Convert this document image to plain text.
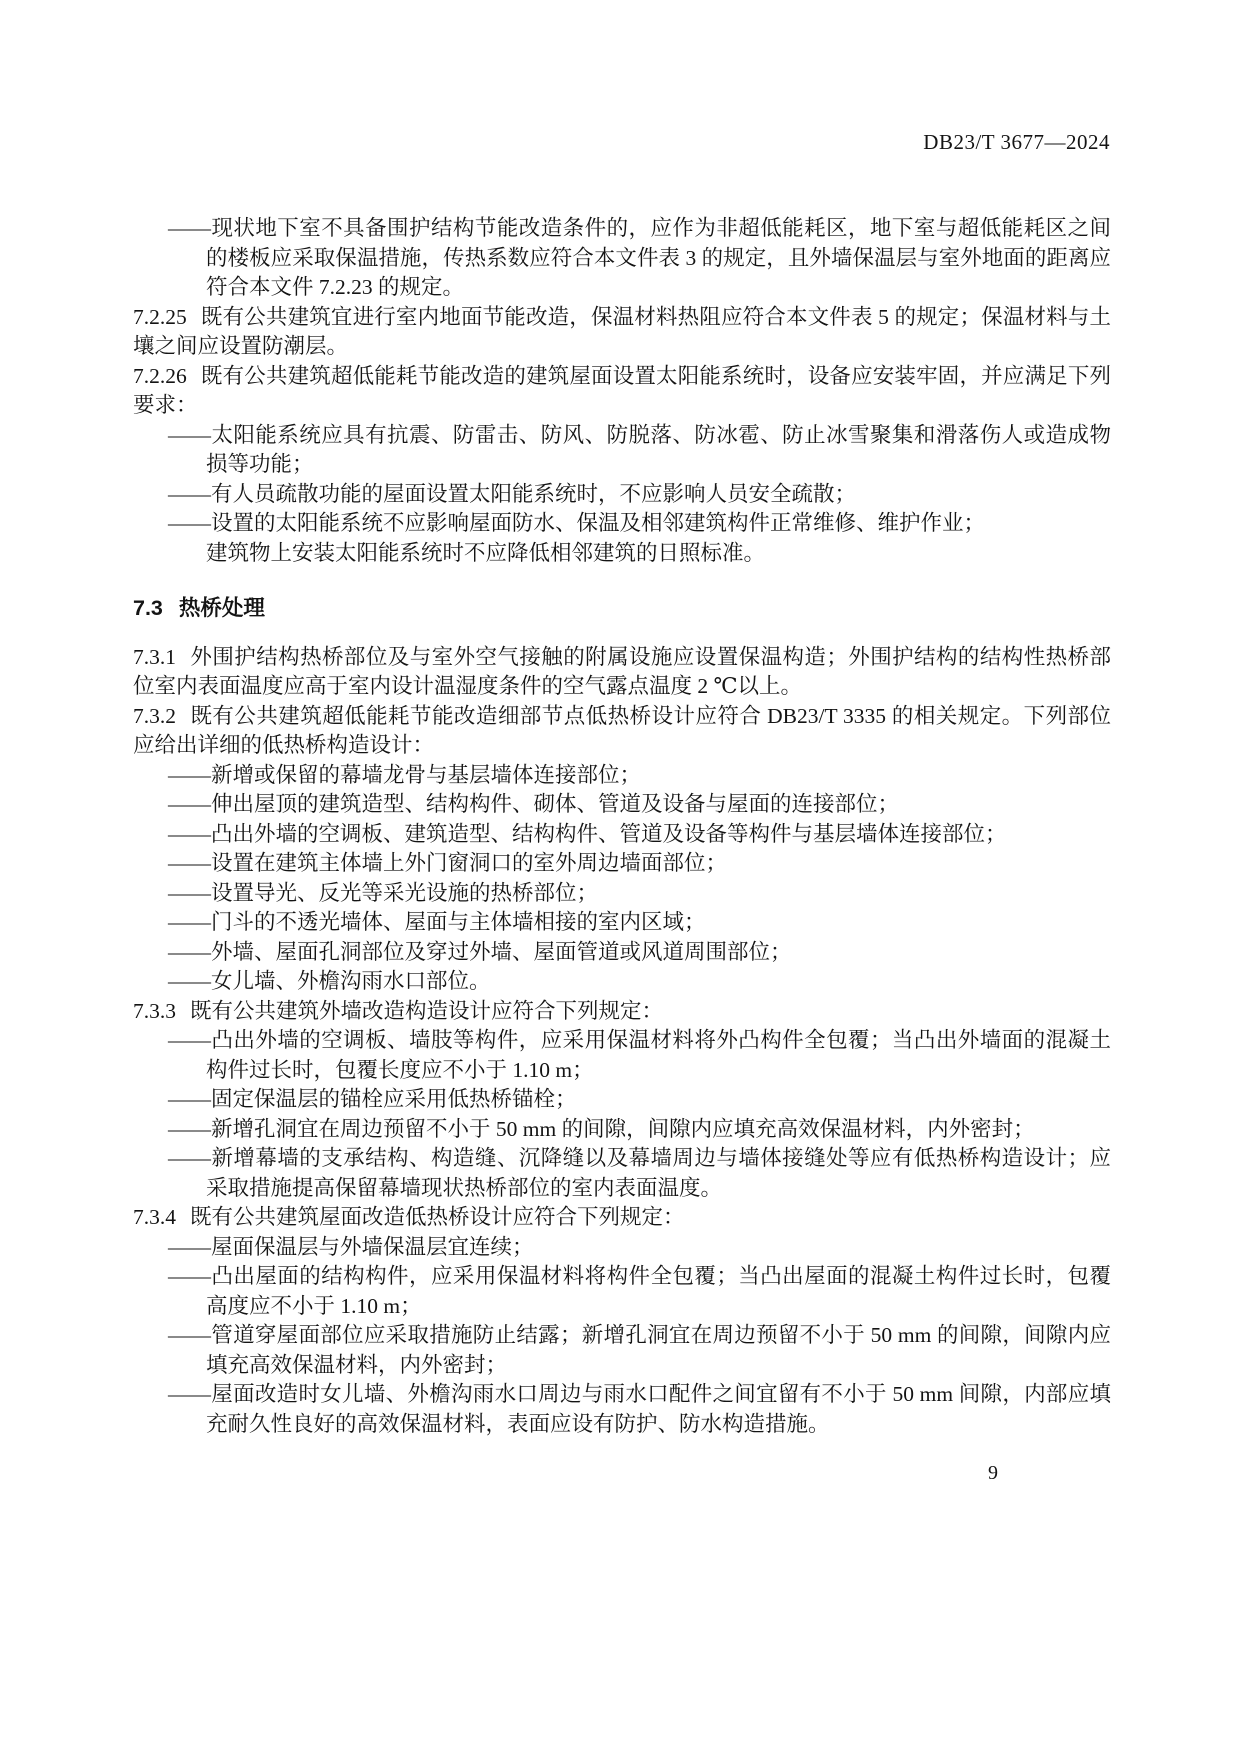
DB23/T 3677—2024

——现状地下室不具备围护结构节能改造条件的，应作为非超低能耗区，地下室与超低能耗区之间的楼板应采取保温措施，传热系数应符合本文件表 3 的规定，且外墙保温层与室外地面的距离应符合本文件 7.2.23 的规定。

7.2.25 既有公共建筑宜进行室内地面节能改造，保温材料热阻应符合本文件表 5 的规定；保温材料与土壤之间应设置防潮层。

7.2.26 既有公共建筑超低能耗节能改造的建筑屋面设置太阳能系统时，设备应安装牢固，并应满足下列要求：

——太阳能系统应具有抗震、防雷击、防风、防脱落、防冰雹、防止冰雪聚集和滑落伤人或造成物损等功能；

——有人员疏散功能的屋面设置太阳能系统时，不应影响人员安全疏散；

——设置的太阳能系统不应影响屋面防水、保温及相邻建筑构件正常维修、维护作业；

建筑物上安装太阳能系统时不应降低相邻建筑的日照标准。

7.3 热桥处理

7.3.1 外围护结构热桥部位及与室外空气接触的附属设施应设置保温构造；外围护结构的结构性热桥部位室内表面温度应高于室内设计温湿度条件的空气露点温度 2 ℃以上。

7.3.2 既有公共建筑超低能耗节能改造细部节点低热桥设计应符合 DB23/T 3335 的相关规定。下列部位应给出详细的低热桥构造设计：

——新增或保留的幕墙龙骨与基层墙体连接部位；

——伸出屋顶的建筑造型、结构构件、砌体、管道及设备与屋面的连接部位；

——凸出外墙的空调板、建筑造型、结构构件、管道及设备等构件与基层墙体连接部位；

——设置在建筑主体墙上外门窗洞口的室外周边墙面部位；

——设置导光、反光等采光设施的热桥部位；

——门斗的不透光墙体、屋面与主体墙相接的室内区域；

——外墙、屋面孔洞部位及穿过外墙、屋面管道或风道周围部位；

——女儿墙、外檐沟雨水口部位。

7.3.3 既有公共建筑外墙改造构造设计应符合下列规定：

——凸出外墙的空调板、墙肢等构件，应采用保温材料将外凸构件全包覆；当凸出外墙面的混凝土构件过长时，包覆长度应不小于 1.10 m；

——固定保温层的锚栓应采用低热桥锚栓；

——新增孔洞宜在周边预留不小于 50 mm 的间隙，间隙内应填充高效保温材料，内外密封；

——新增幕墙的支承结构、构造缝、沉降缝以及幕墙周边与墙体接缝处等应有低热桥构造设计；应采取措施提高保留幕墙现状热桥部位的室内表面温度。

7.3.4 既有公共建筑屋面改造低热桥设计应符合下列规定：

——屋面保温层与外墙保温层宜连续；

——凸出屋面的结构构件，应采用保温材料将构件全包覆；当凸出屋面的混凝土构件过长时，包覆高度应不小于 1.10 m；

——管道穿屋面部位应采取措施防止结露；新增孔洞宜在周边预留不小于 50 mm 的间隙，间隙内应填充高效保温材料，内外密封；

——屋面改造时女儿墙、外檐沟雨水口周边与雨水口配件之间宜留有不小于 50 mm 间隙，内部应填充耐久性良好的高效保温材料，表面应设有防护、防水构造措施。

9
